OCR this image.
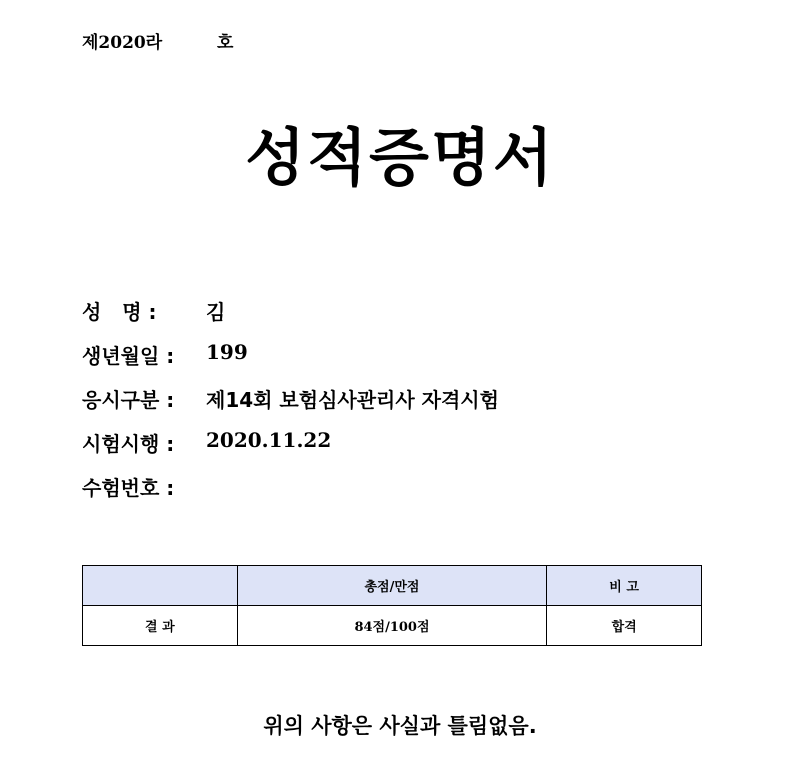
제2020라	호
성적증명서
성   명 : 김
생년월일 : 199
응시구분 : 제14회 보험심사관리사 자격시험
시험시행 : 2020.11.22
수험번호 :
	총점/만점	비 고
결 과	84점/100점	합격
위의 사항은 사실과 틀림없음.
